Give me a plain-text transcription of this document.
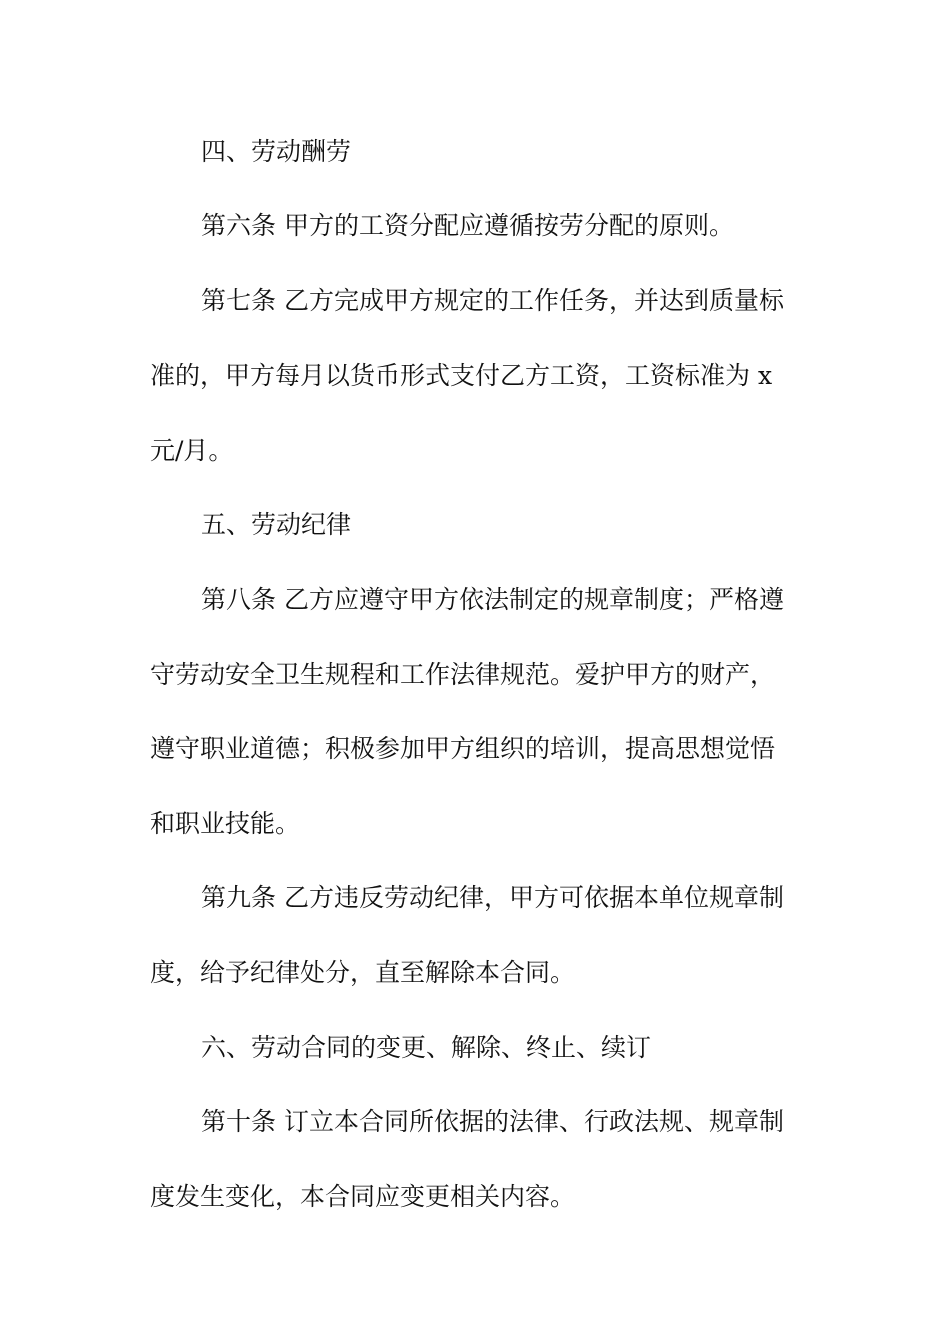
四、劳动酬劳
第六条 甲方的工资分配应遵循按劳分配的原则。
第七条 乙方完成甲方规定的工作任务，并达到质量标
准的，甲方每月以货币形式支付乙方工资，工资标准为 x
元/月。
五、劳动纪律
第八条 乙方应遵守甲方依法制定的规章制度；严格遵
守劳动安全卫生规程和工作法律规范。爱护甲方的财产，
遵守职业道德；积极参加甲方组织的培训，提高思想觉悟
和职业技能。
第九条 乙方违反劳动纪律，甲方可依据本单位规章制
度，给予纪律处分，直至解除本合同。
六、劳动合同的变更、解除、终止、续订
第十条 订立本合同所依据的法律、行政法规、规章制
度发生变化，本合同应变更相关内容。
